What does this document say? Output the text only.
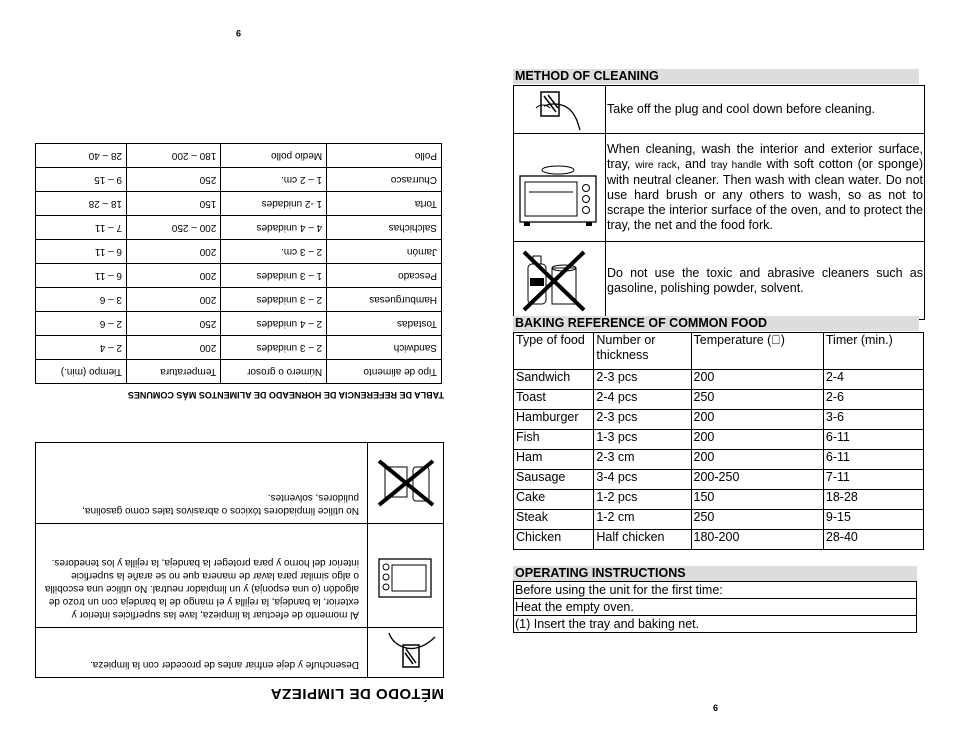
9
MÉTODO DE LIMPIEZA
	Desenchufe y deje enfriar antes de proceder con la limpieza.

	Al momento de efectuar la limpieza, lave las superficies interior y exterior, la bandeja, la rejilla y el mango de la bandeja con un trozo de algodón (o una esponja) y un limpiador neutral. No utilice una escobilla o algo similar para lavar de manera que no se arañe la superficie interior del horno y para proteger la bandeja, la rejilla y los tenedores.

	No utilice limpiadores tóxicos o abrasivos tales como gasolina, pulidores, solventes.
TABLA DE REFERENCIA DE HORNEADO DE ALIMENTOS MÁS COMUNES
Tipo de alimento	Número o grosor	Temperatura	Tiempo (min.)
Sandwich	2 – 3 unidades	200	2 – 4
Tostadas	2 – 4 unidades	250	2 – 6
Hamburguesas	2 – 3 unidades	200	3 – 6
Pescado	1 – 3 unidades	200	6 – 11
Jamón	2 – 3 cm.	200	6 – 11
Salchichas	4 – 4 unidades	200 – 250	7 – 11
Torta	1 -2 unidades	150	18 – 28
Churrasco	1 – 2 cm.	250	9 – 15
Pollo	Medio pollo	180 – 200	28 – 40
METHOD OF CLEANING
	Take off the plug and cool down before cleaning.

	When cleaning, wash the interior and exterior surface, tray, wire rack, and tray handle with soft cotton (or sponge) with neutral cleaner. Then wash with clean water. Do not use hard brush or any others to wash, so as not to scrape the interior surface of the oven, and to protect the tray, the net and the food fork.

	Do not use the toxic and abrasive cleaners such as gasoline, polishing powder, solvent.
BAKING REFERENCE OF COMMON FOOD
Type of food	Number or thickness	Temperature ( )	Timer (min.)
Sandwich	2-3 pcs	200	2-4
Toast	2-4 pcs	250	2-6
Hamburger	2-3 pcs	200	3-6
Fish	1-3 pcs	200	6-11
Ham	2-3 cm	200	6-11
Sausage	3-4 pcs	200-250	7-11
Cake	1-2 pcs	150	18-28
Steak	1-2 cm	250	9-15
Chicken	Half chicken	180-200	28-40
OPERATING INSTRUCTIONS
Before using the unit for the first time:
Heat the empty oven.
(1) Insert the tray and baking net.
6
